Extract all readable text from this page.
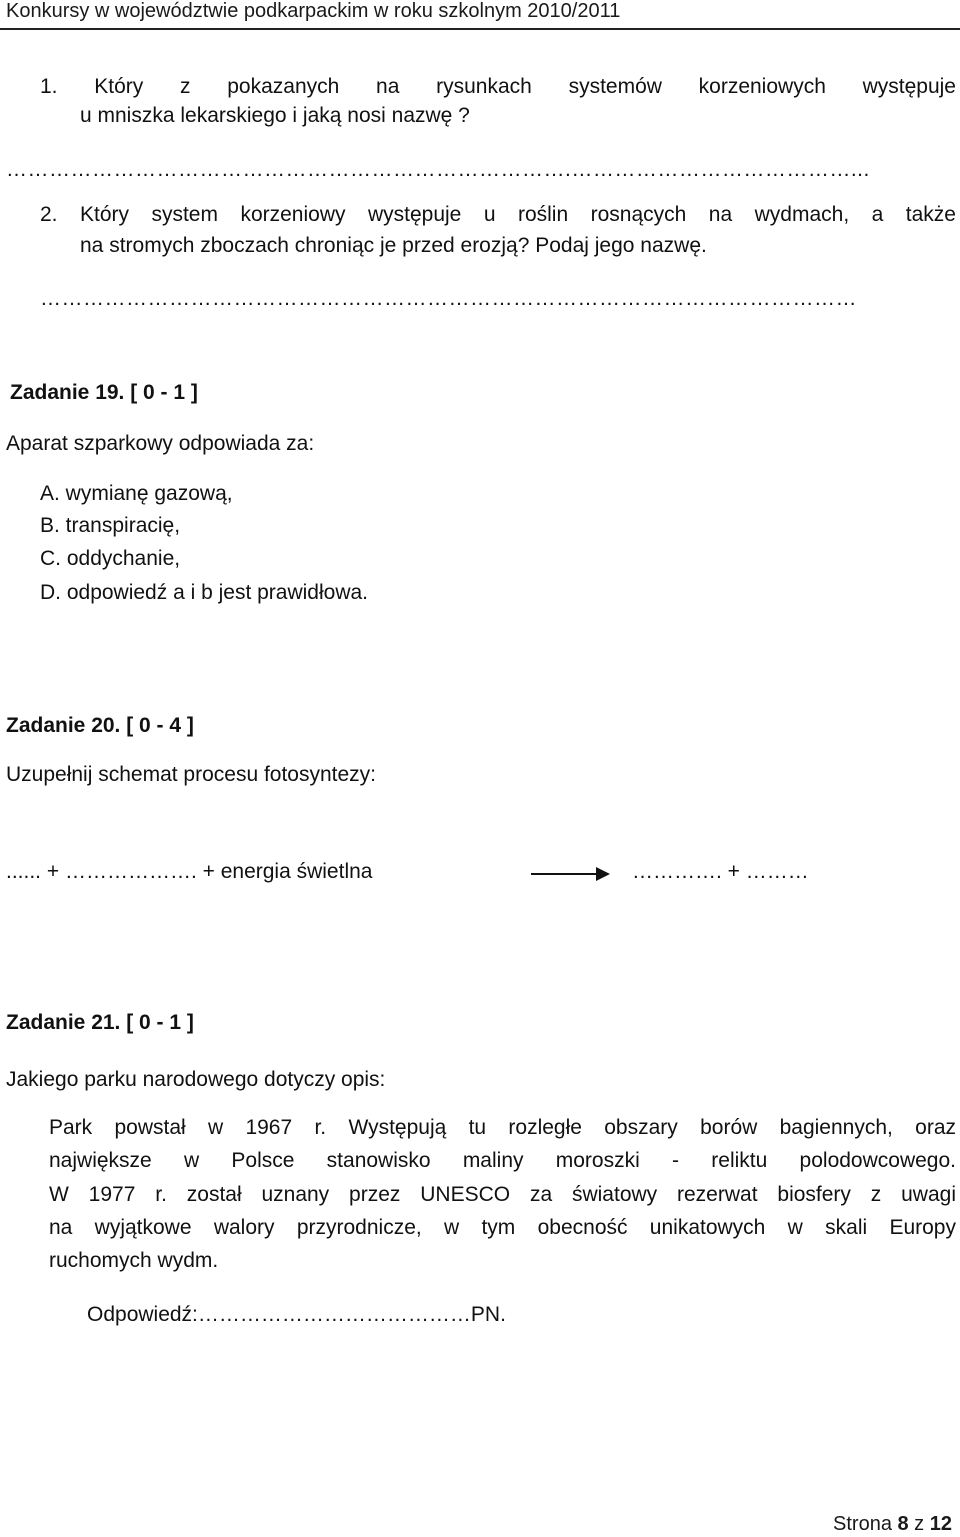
Konkursy w województwie podkarpackim w roku szkolnym 2010/2011
1. Który z pokazanych na rysunkach systemów korzeniowych występuje
u mniszka lekarskiego i jaką nosi nazwę ?
…………………………………………………………………….…………………………………...
2. Który system korzeniowy występuje u roślin rosnących na wydmach, a także
na stromych zboczach chroniąc je przed erozją? Podaj jego nazwę.
……………………………………………………………………………………………………
Zadanie 19. [ 0 - 1 ]
Aparat szparkowy odpowiada za:
A. wymianę gazową,
B. transpiracię,
C. oddychanie,
D. odpowiedź a i b jest prawidłowa.
Zadanie 20. [ 0 - 4 ]
Uzupełnij schemat procesu fotosyntezy:
...... + ………………. + energia świetlna	…………. + ………
Zadanie 21. [ 0 - 1 ]
Jakiego parku narodowego dotyczy opis:
Park powstał w 1967 r. Występują tu rozległe obszary borów bagiennych, oraz
największe w Polsce stanowisko maliny moroszki - reliktu polodowcowego.
W 1977 r. został uznany przez UNESCO za światowy rezerwat biosfery z uwagi
na wyjątkowe walory przyrodnicze, w tym obecność unikatowych w skali Europy
ruchomych wydm.
Odpowiedź:…………………………………PN.
Strona 8 z 12
